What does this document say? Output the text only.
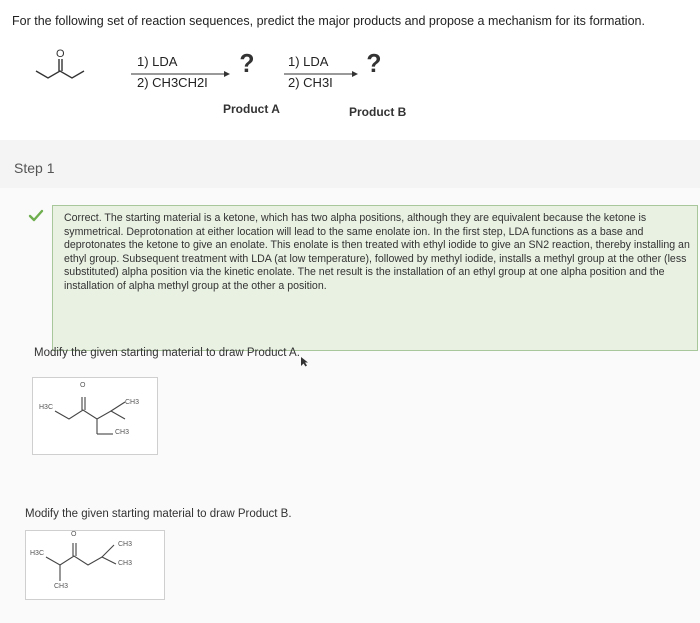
For the following set of reaction sequences, predict the major products and propose a mechanism for its formation.
O	1) LDA
2) CH3CH2I
?	1) LDA
2) CH3I
?
Product A	Product B
Step 1
Correct. The starting material is a ketone, which has two alpha positions, although they are equivalent because the ketone is symmetrical. Deprotonation at either location will lead to the same enolate ion. In the first step, LDA functions as a base and deprotonates the ketone to give an enolate. This enolate is then treated with ethyl iodide to give an SN2 reaction, thereby installing an ethyl group. Subsequent treatment with LDA (at low temperature), followed by methyl iodide, installs a methyl group at the other (less substituted) alpha position via the kinetic enolate. The net result is the installation of an ethyl group at one alpha position and the installation of alpha methyl group at the other a position.
Modify the given starting material to draw Product A.
O
H3C
CH3
CH3
Modify the given starting material to draw Product B.
O
H3C
CH3
CH3
CH3
